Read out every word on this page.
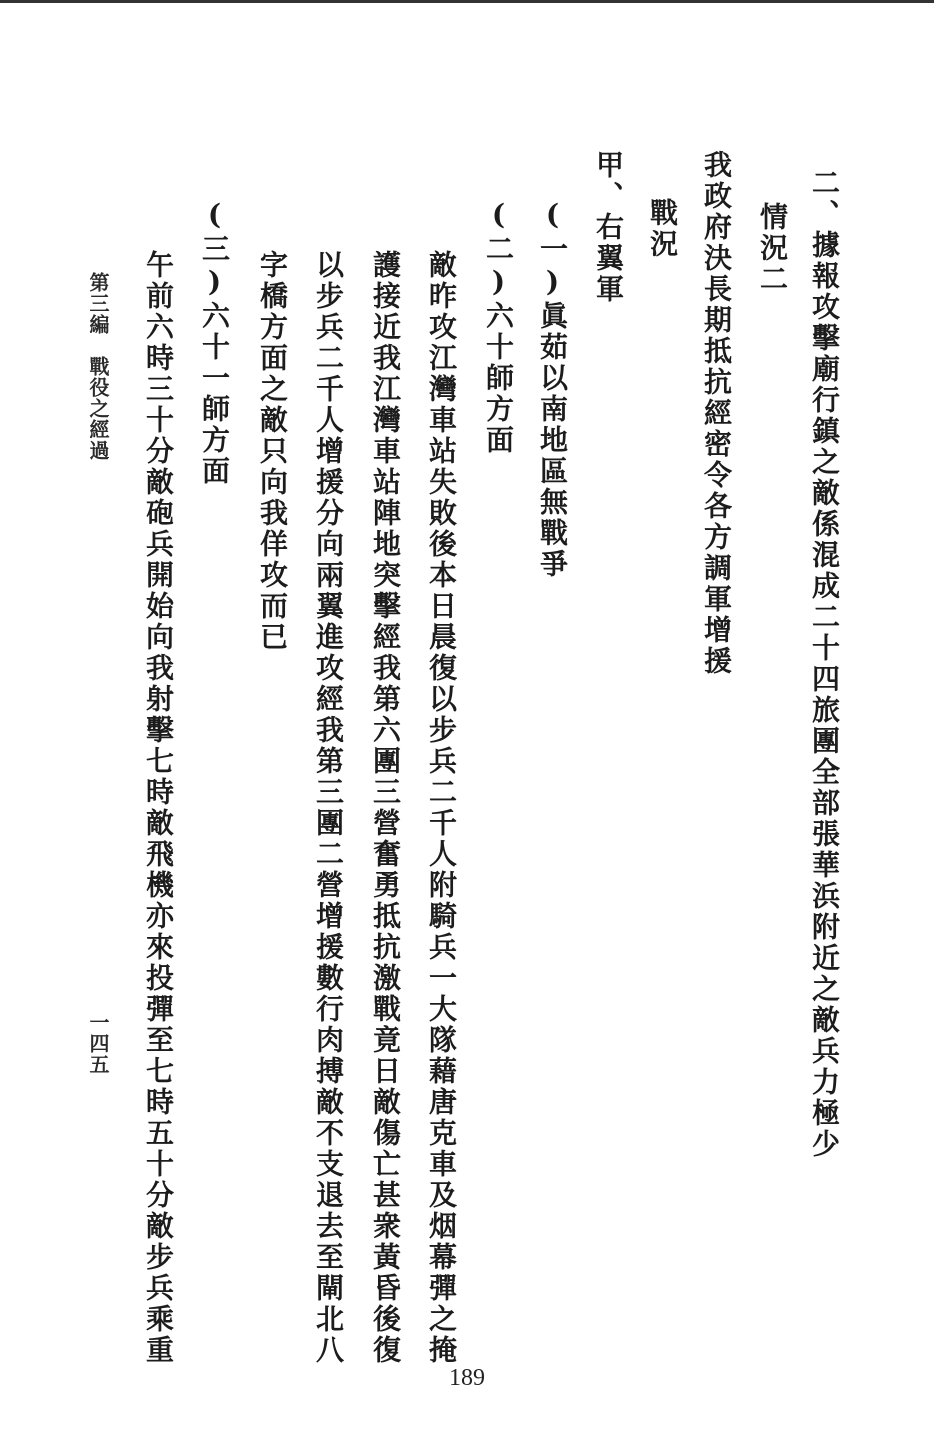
二、據報攻擊廟行鎮之敵係混成二十四旅團全部張華浜附近之敵兵力極少
情況二
我政府決長期抵抗經密令各方調軍增援
戰況
甲、右翼軍
(一)眞茹以南地區無戰爭
(二)六十師方面
敵昨攻江灣車站失敗後本日晨復以步兵二千人附騎兵一大隊藉唐克車及烟幕彈之掩
護接近我江灣車站陣地突擊經我第六團三營奮勇抵抗激戰竟日敵傷亡甚衆黃昏後復
以步兵二千人增援分向兩翼進攻經我第三團二營增援數行肉搏敵不支退去至閘北八
字橋方面之敵只向我佯攻而已
(三)六十一師方面
午前六時三十分敵砲兵開始向我射擊七時敵飛機亦來投彈至七時五十分敵步兵乘重
第三編　戰役之經過
一四五
189
